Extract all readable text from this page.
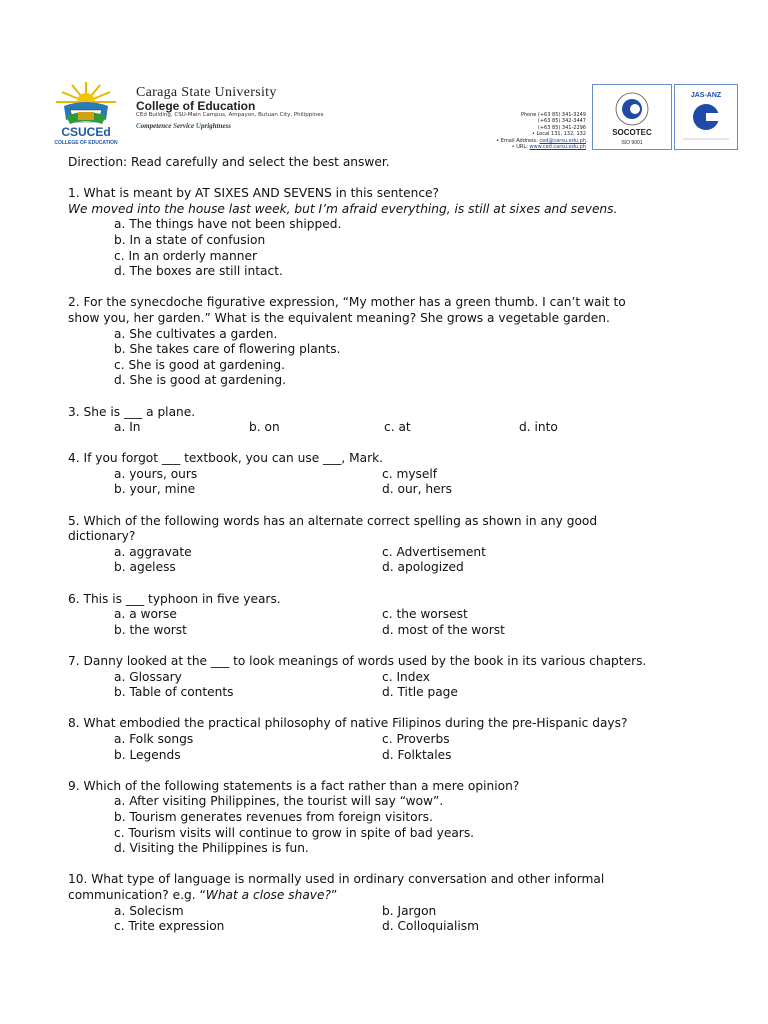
CSUCEd
COLLEGE OF EDUCATION
Caraga State University
College of Education
CEd Building, CSU-Main Campus, Ampayon, Butuan City, Philippines
Competence Service Uprightness
Phone (+63 85) 341-3249
(+63 85) 342-3447
(+63 85) 341-2296
• Local 131, 132, 132
• Email Address: ced@carsu.edu.ph
• URL: www.ced.carsu.edu.ph
SOCOTEC
ISO 9001
JAS-ANZ
Direction: Read carefully and select the best answer.
1. What is meant by AT SIXES AND SEVENS in this sentence?
We moved into the house last week, but I’m afraid everything, is still at sixes and sevens.
a. The things have not been shipped.
b. In a state of confusion
c. In an orderly manner
d. The boxes are still intact.
2. For the synecdoche figurative expression, “My mother has a green thumb. I can’t wait to
show you, her garden.” What is the equivalent meaning? She grows a vegetable garden.
a. She cultivates a garden.
b. She takes care of flowering plants.
c. She is good at gardening.
d. She is good at gardening.
3. She is ___ a plane.
a. In	b. on	c. at	d. into
4. If you forgot ___ textbook, you can use ___, Mark.
a. yours, ours	c. myself
b. your, mine	d. our, hers
5. Which of the following words has an alternate correct spelling as shown in any good
dictionary?
a. aggravate	c. Advertisement
b. ageless	d. apologized
6. This is ___ typhoon in five years.
a. a worse	c. the worsest
b. the worst	d. most of the worst
7. Danny looked at the ___ to look meanings of words used by the book in its various chapters.
a. Glossary	c. Index
b. Table of contents	d. Title page
8. What embodied the practical philosophy of native Filipinos during the pre-Hispanic days?
a. Folk songs	c. Proverbs
b. Legends	d. Folktales
9. Which of the following statements is a fact rather than a mere opinion?
a. After visiting Philippines, the tourist will say “wow”.
b. Tourism generates revenues from foreign visitors.
c. Tourism visits will continue to grow in spite of bad years.
d. Visiting the Philippines is fun.
10. What type of language is normally used in ordinary conversation and other informal
communication? e.g. “What a close shave?”
a. Solecism	b. Jargon
c. Trite expression	d. Colloquialism
